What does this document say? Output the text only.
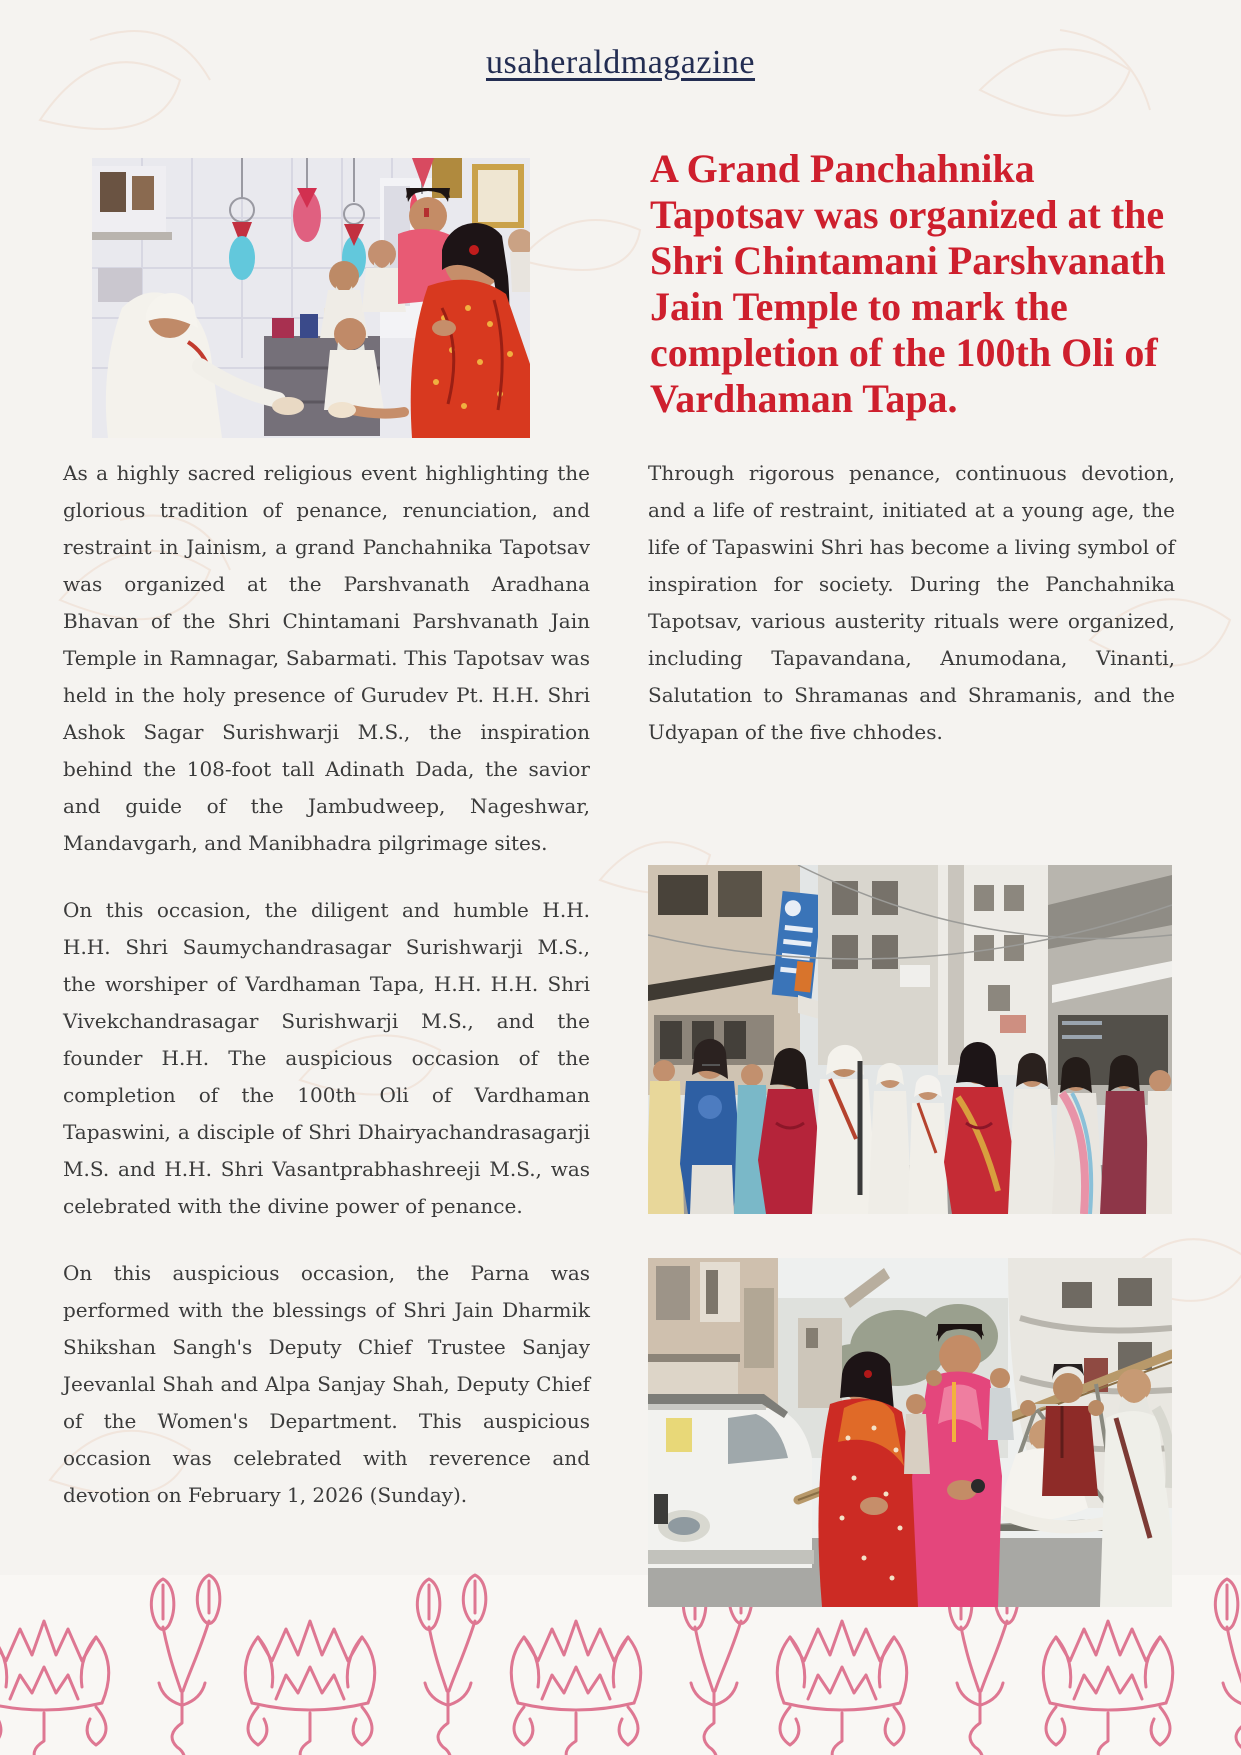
usaheraldmagazine
A Grand Panchahnika Tapotsav was organized at the Shri Chintamani Parshvanath Jain Temple to mark the completion of the 100th Oli of Vardhaman Tapa.

As a highly sacred religious event highlighting the glorious tradition of penance, renunciation, and restraint in Jainism, a grand Panchahnika Tapotsav was organized at the Parshvanath Aradhana Bhavan of the Shri Chintamani Parshvanath Jain Temple in Ramnagar, Sabarmati. This Tapotsav was held in the holy presence of Gurudev Pt. H.H. Shri Ashok Sagar Surishwarji M.S., the inspiration behind the 108-foot tall Adinath Dada, the savior and guide of the Jambudweep, Nageshwar, Mandavgarh, and Manibhadra pilgrimage sites.

On this occasion, the diligent and humble H.H. H.H. Shri Saumychandrasagar Surishwarji M.S., the worshiper of Vardhaman Tapa, H.H. H.H. Shri Vivekchandrasagar Surishwarji M.S., and the founder H.H. The auspicious occasion of the completion of the 100th Oli of Vardhaman Tapaswini, a disciple of Shri Dhairyachandrasagarji M.S. and H.H. Shri Vasantprabhashreeji M.S., was celebrated with the divine power of penance.

On this auspicious occasion, the Parna was performed with the blessings of Shri Jain Dharmik Shikshan Sangh's Deputy Chief Trustee Sanjay Jeevanlal Shah and Alpa Sanjay Shah, Deputy Chief of the Women's Department. This auspicious occasion was celebrated with reverence and devotion on February 1, 2026 (Sunday).

Through rigorous penance, continuous devotion, and a life of restraint, initiated at a young age, the life of Tapaswini Shri has become a living symbol of inspiration for society. During the Panchahnika Tapotsav, various austerity rituals were organized, including Tapavandana, Anumodana, Vinanti, Salutation to Shramanas and Shramanis, and the Udyapan of the five chhodes.
